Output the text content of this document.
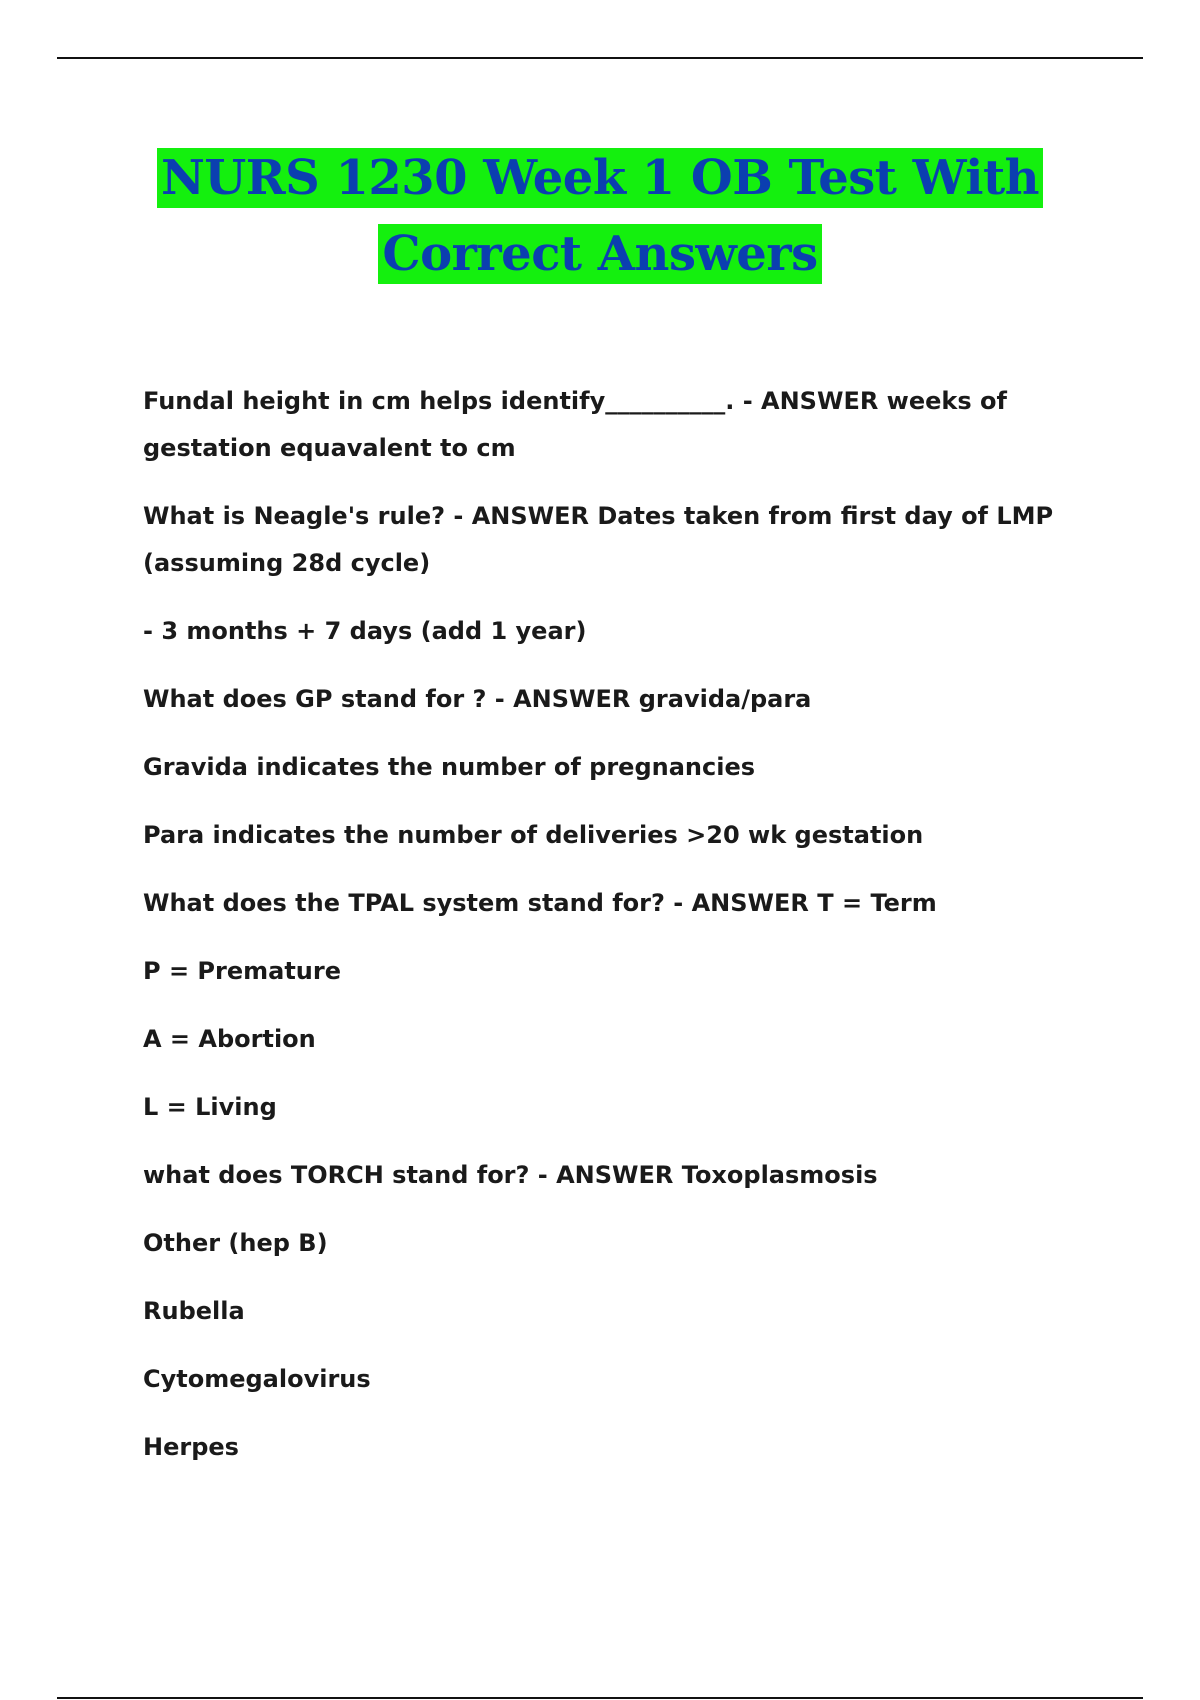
NURS 1230 Week 1 OB Test With Correct Answers

Fundal height in cm helps identify__________. - ANSWER weeks of gestation equavalent to cm

What is Neagle's rule? - ANSWER Dates taken from first day of LMP (assuming 28d cycle)

- 3 months + 7 days (add 1 year)

What does GP stand for ? - ANSWER gravida/para

Gravida indicates the number of pregnancies

Para indicates the number of deliveries >20 wk gestation

What does the TPAL system stand for? - ANSWER T = Term

P = Premature

A = Abortion

L = Living

what does TORCH stand for? - ANSWER Toxoplasmosis

Other (hep B)

Rubella

Cytomegalovirus

Herpes
